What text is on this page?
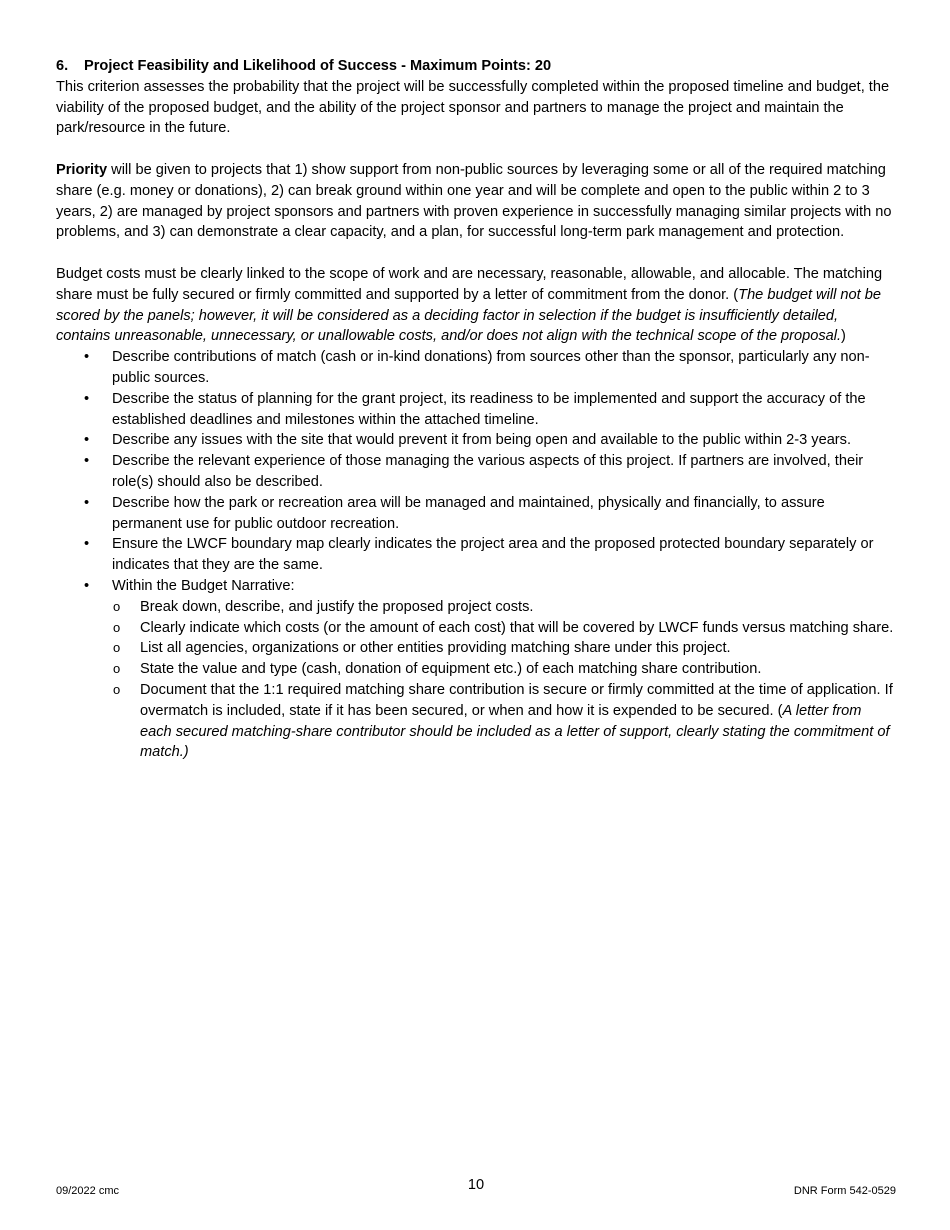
6. Project Feasibility and Likelihood of Success - Maximum Points: 20

This criterion assesses the probability that the project will be successfully completed within the proposed timeline and budget, the viability of the proposed budget, and the ability of the project sponsor and partners to manage the project and maintain the park/resource in the future.

Priority will be given to projects that 1) show support from non-public sources by leveraging some or all of the required matching share (e.g. money or donations), 2) can break ground within one year and will be complete and open to the public within 2 to 3 years, 2) are managed by project sponsors and partners with proven experience in successfully managing similar projects with no problems, and 3) can demonstrate a clear capacity, and a plan, for successful long-term park management and protection.

Budget costs must be clearly linked to the scope of work and are necessary, reasonable, allowable, and allocable. The matching share must be fully secured or firmly committed and supported by a letter of commitment from the donor. (The budget will not be scored by the panels; however, it will be considered as a deciding factor in selection if the budget is insufficiently detailed, contains unreasonable, unnecessary, or unallowable costs, and/or does not align with the technical scope of the proposal.)

• Describe contributions of match (cash or in-kind donations) from sources other than the sponsor, particularly any non-public sources.
• Describe the status of planning for the grant project, its readiness to be implemented and support the accuracy of the established deadlines and milestones within the attached timeline.
• Describe any issues with the site that would prevent it from being open and available to the public within 2-3 years.
• Describe the relevant experience of those managing the various aspects of this project. If partners are involved, their role(s) should also be described.
• Describe how the park or recreation area will be managed and maintained, physically and financially, to assure permanent use for public outdoor recreation.
• Ensure the LWCF boundary map clearly indicates the project area and the proposed protected boundary separately or indicates that they are the same.
• Within the Budget Narrative:
o Break down, describe, and justify the proposed project costs.
o Clearly indicate which costs (or the amount of each cost) that will be covered by LWCF funds versus matching share.
o List all agencies, organizations or other entities providing matching share under this project.
o State the value and type (cash, donation of equipment etc.) of each matching share contribution.
o Document that the 1:1 required matching share contribution is secure or firmly committed at the time of application. If overmatch is included, state if it has been secured, or when and how it is expended to be secured. (A letter from each secured matching-share contributor should be included as a letter of support, clearly stating the commitment of match.)
09/2022 cmc	10	DNR Form 542-0529
